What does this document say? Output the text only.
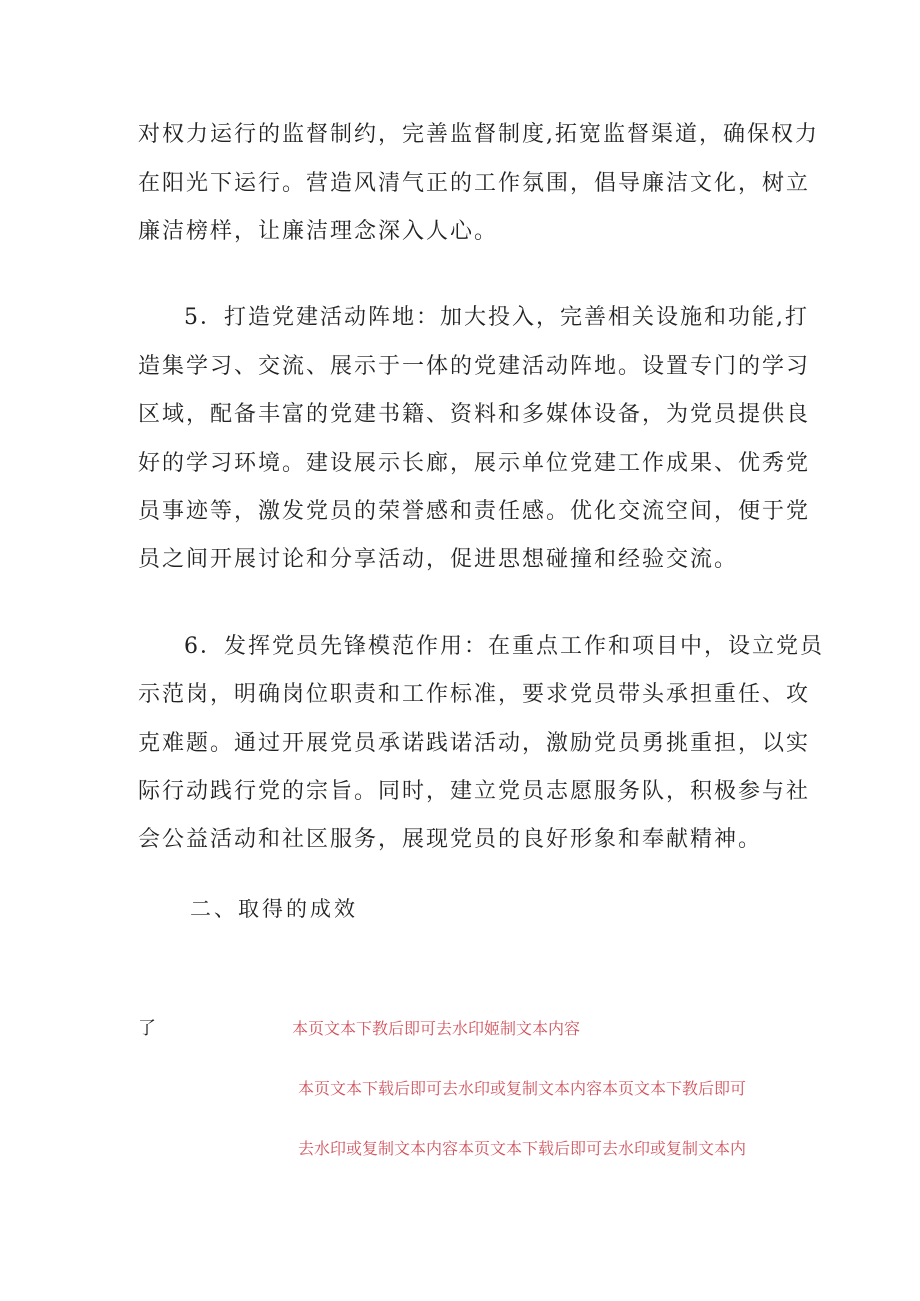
对权力运行的监督制约，完善监督制度,拓宽监督渠道，确保权力
在阳光下运行。营造风清气正的工作氛围，倡导廉洁文化，树立
廉洁榜样，让廉洁理念深入人心。
5．打造党建活动阵地：加大投入，完善相关设施和功能,打
造集学习、交流、展示于一体的党建活动阵地。设置专门的学习
区域，配备丰富的党建书籍、资料和多媒体设备，为党员提供良
好的学习环境。建设展示长廊，展示单位党建工作成果、优秀党
员事迹等，激发党员的荣誉感和责任感。优化交流空间，便于党
员之间开展讨论和分享活动，促进思想碰撞和经验交流。
6．发挥党员先锋模范作用：在重点工作和项目中，设立党员
示范岗，明确岗位职责和工作标准，要求党员带头承担重任、攻
克难题。通过开展党员承诺践诺活动，激励党员勇挑重担，以实
际行动践行党的宗旨。同时，建立党员志愿服务队，积极参与社
会公益活动和社区服务，展现党员的良好形象和奉献精神。
二、取得的成效
了	本页文本下教后即可去水印姬制文本内容
本页文本下载后即可去水印或复制文本内容本页文本下教后即可
去水印或复制文本内容本页文本下载后即可去水印或复制文本内
